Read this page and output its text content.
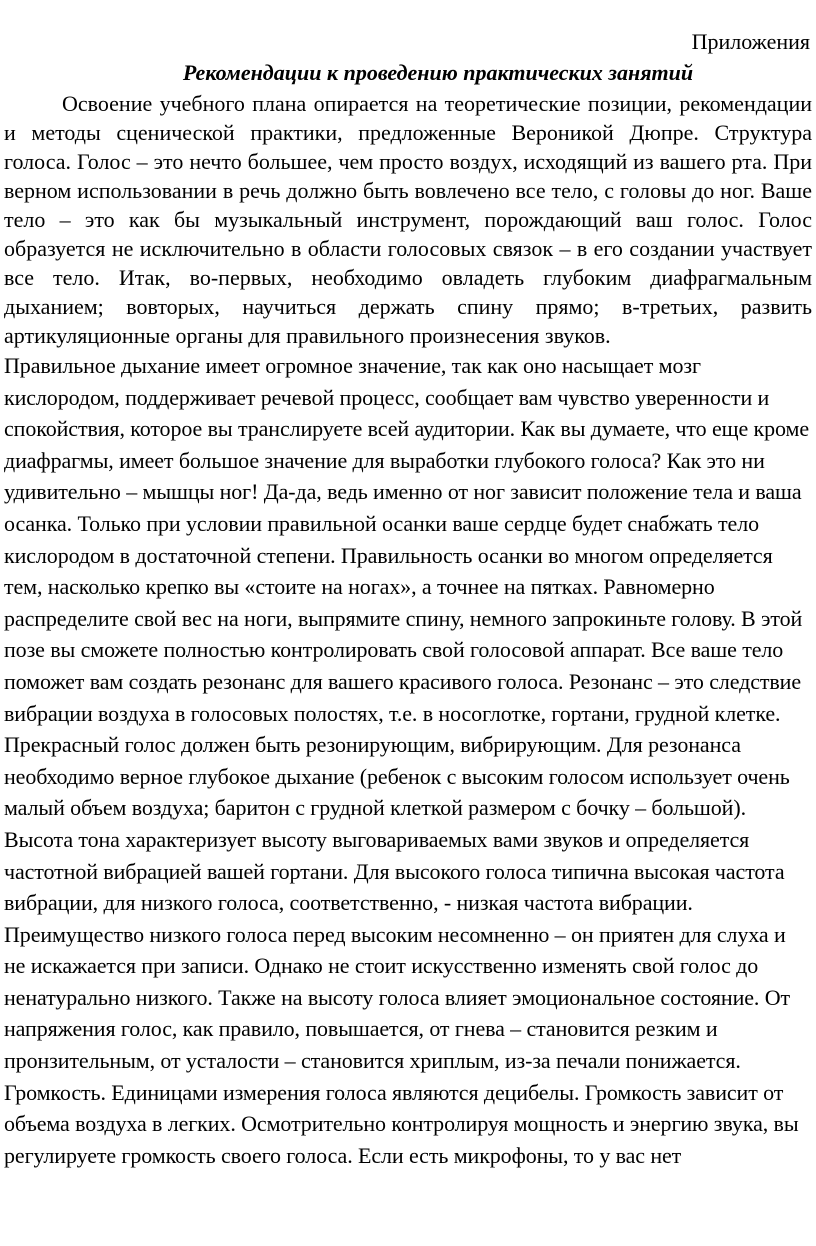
Приложения

Рекомендации к проведению практических занятий

Освоение учебного плана опирается на теоретические позиции, рекомендации и методы сценической практики, предложенные Вероникой Дюпре. Структура голоса. Голос – это нечто большее, чем просто воздух, исходящий из вашего рта. При верном использовании в речь должно быть вовлечено все тело, с головы до ног. Ваше тело – это как бы музыкальный инструмент, порождающий ваш голос. Голос образуется не исключительно в области голосовых связок – в его создании участвует все тело. Итак, во-первых, необходимо овладеть глубоким диафрагмальным дыханием; вовторых, научиться держать спину прямо; в-третьих, развить артикуляционные органы для правильного произнесения звуков.

Правильное дыхание имеет огромное значение, так как оно насыщает мозг кислородом, поддерживает речевой процесс, сообщает вам чувство уверенности и спокойствия, которое вы транслируете всей аудитории. Как вы думаете, что еще кроме диафрагмы, имеет большое значение для выработки глубокого голоса? Как это ни удивительно – мышцы ног! Да-да, ведь именно от ног зависит положение тела и ваша осанка. Только при условии правильной осанки ваше сердце будет снабжать тело кислородом в достаточной степени. Правильность осанки во многом определяется тем, насколько крепко вы «стоите на ногах», а точнее на пятках. Равномерно распределите свой вес на ноги, выпрямите спину, немного запрокиньте голову. В этой позе вы сможете полностью контролировать свой голосовой аппарат. Все ваше тело поможет вам создать резонанс для вашего красивого голоса. Резонанс – это следствие вибрации воздуха в голосовых полостях, т.е. в носоглотке, гортани, грудной клетке. Прекрасный голос должен быть резонирующим, вибрирующим. Для резонанса необходимо верное глубокое дыхание (ребенок с высоким голосом использует очень малый объем воздуха; баритон с грудной клеткой размером с бочку – большой). Высота тона характеризует высоту выговариваемых вами звуков и определяется частотной вибрацией вашей гортани. Для высокого голоса типична высокая частота вибрации, для низкого голоса, соответственно, - низкая частота вибрации. Преимущество низкого голоса перед высоким несомненно – он приятен для слуха и не искажается при записи. Однако не стоит искусственно изменять свой голос до ненатурально низкого. Также на высоту голоса влияет эмоциональное состояние. От напряжения голос, как правило, повышается, от гнева – становится резким и пронзительным, от усталости – становится хриплым, из-за печали понижается. Громкость. Единицами измерения голоса являются децибелы. Громкость зависит от объема воздуха в легких. Осмотрительно контролируя мощность и энергию звука, вы регулируете громкость своего голоса. Если есть микрофоны, то у вас нет
